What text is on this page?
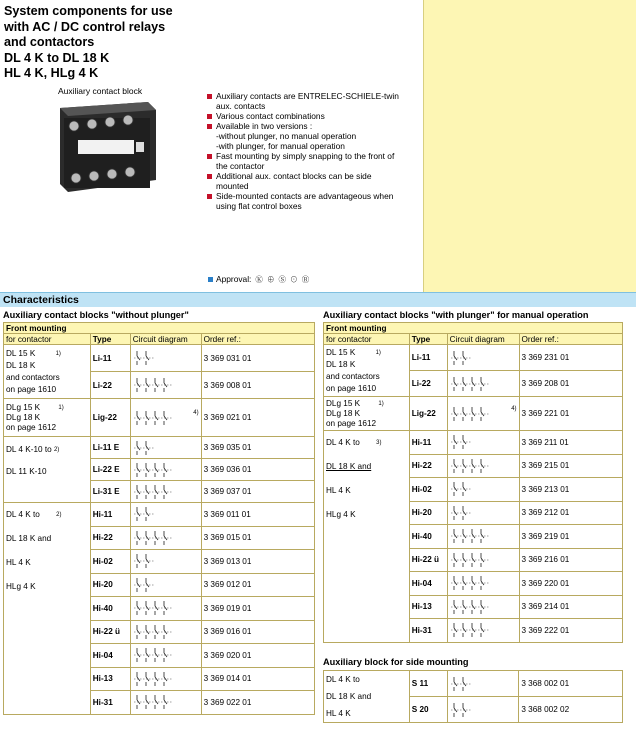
System components for use
with AC / DC control relays
and contactors
DL 4 K to DL 18 K
HL 4 K, HLg 4 K
Auxiliary contact block	Auxiliary contacts are ENTRELEC-SCHIELE-twin aux. contacts
Various contact combinations
Available in two versions :
-without plunger, no manual operation
-with plunger, for manual operation
Fast mounting by simply snapping to the front of the contactor
Additional aux. contact blocks can be side mounted
Side-mounted contacts are advantageous when using flat control boxes
Approval: Ⓚ ⊕ Ⓢ ⊙ Ⓡ
Characteristics
Auxiliary contact blocks "without plunger"
Front mounting			
for contactor	Type	Circuit diagram	Order ref.:

DL 15 K $^{1)}$
DL 18 K
and contactors
on page 1610	Li-11		3 369 031 01
	Li-22		3 369 008 01

DLg 15 K $^{1)}$
DLg 18 K
on page 1612	Lig-22	4)	3 369 021 01

DL 4 K-10 to $^{2)}$
DL 11 K-10	Li-11 E		3 369 035 01
	Li-22 E		3 369 036 01
	Li-31 E		3 369 037 01

DL 4 K to $^{2)}$
DL 18 K and
HL 4 K
HLg 4 K	Hi-11		3 369 011 01
	Hi-22		3 369 015 01
	Hi-02		3 369 013 01
	Hi-20		3 369 012 01
	Hi-40		3 369 019 01
	Hi-22 ü		3 369 016 01
	Hi-04		3 369 020 01
	Hi-13		3 369 014 01
	Hi-31		3 369 022 01
Auxiliary contact blocks "with plunger" for manual operation
Front mounting			
for contactor	Type	Circuit diagram	Order ref.:

DL 15 K $^{1)}$
DL 18 K
and contactors
on page 1610	Li-11		3 369 231 01
	Li-22		3 369 208 01

DLg 15 K $^{1)}$
DLg 18 K
on page 1612	Lig-22	4)	3 369 221 01

DL 4 K to $^{3)}$
DL 18 K and
HL 4 K
HLg 4 K	Hi-11		3 369 211 01
	Hi-22		3 369 215 01
	Hi-02		3 369 213 01
	Hi-20		3 369 212 01
	Hi-40		3 369 219 01
	Hi-22 ü		3 369 216 01
	Hi-04		3 369 220 01
	Hi-13		3 369 214 01
	Hi-31		3 369 222 01
Auxiliary block for side mounting
DL 4 K to
DL 18 K and
HL 4 K	S 11		3 368 002 01
	S 20		3 368 002 02
